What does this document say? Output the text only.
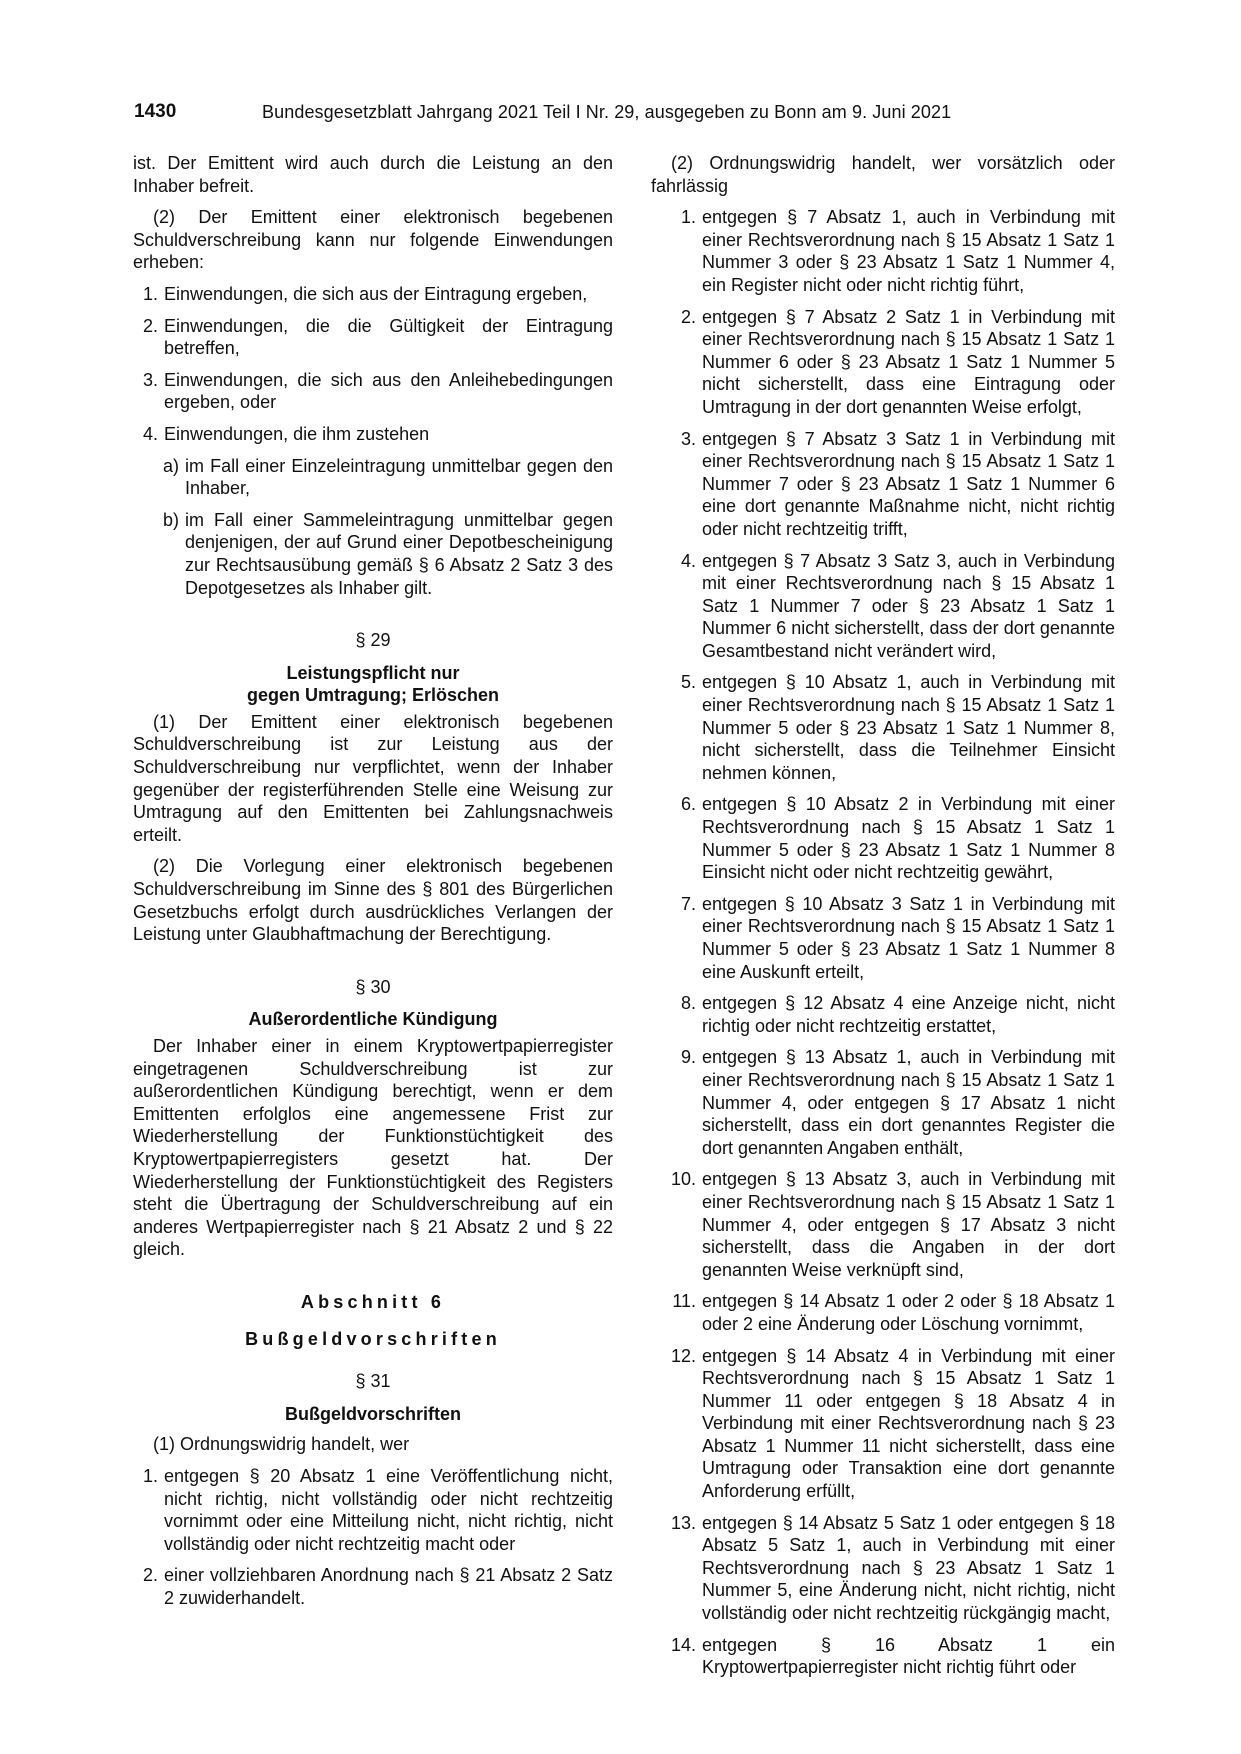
1430	Bundesgesetzblatt Jahrgang 2021 Teil I Nr. 29, ausgegeben zu Bonn am 9. Juni 2021

ist. Der Emittent wird auch durch die Leistung an den Inhaber befreit.

(2) Der Emittent einer elektronisch begebenen Schuldverschreibung kann nur folgende Einwendungen erheben:

1. Einwendungen, die sich aus der Eintragung ergeben,
2. Einwendungen, die die Gültigkeit der Eintragung betreffen,
3. Einwendungen, die sich aus den Anleihebedingungen ergeben, oder
4. Einwendungen, die ihm zustehen
a) im Fall einer Einzeleintragung unmittelbar gegen den Inhaber,
b) im Fall einer Sammeleintragung unmittelbar gegen denjenigen, der auf Grund einer Depotbescheinigung zur Rechtsausübung gemäß § 6 Absatz 2 Satz 3 des Depotgesetzes als Inhaber gilt.
§ 29
Leistungspflicht nur
gegen Umtragung; Erlöschen

(1) Der Emittent einer elektronisch begebenen Schuldverschreibung ist zur Leistung aus der Schuldverschreibung nur verpflichtet, wenn der Inhaber gegenüber der registerführenden Stelle eine Weisung zur Umtragung auf den Emittenten bei Zahlungsnachweis erteilt.

(2) Die Vorlegung einer elektronisch begebenen Schuldverschreibung im Sinne des § 801 des Bürgerlichen Gesetzbuchs erfolgt durch ausdrückliches Verlangen der Leistung unter Glaubhaftmachung der Berechtigung.

§ 30
Außerordentliche Kündigung

Der Inhaber einer in einem Kryptowertpapierregister eingetragenen Schuldverschreibung ist zur außerordentlichen Kündigung berechtigt, wenn er dem Emittenten erfolglos eine angemessene Frist zur Wiederherstellung der Funktionstüchtigkeit des Kryptowertpapierregisters gesetzt hat. Der Wiederherstellung der Funktionstüchtigkeit des Registers steht die Übertragung der Schuldverschreibung auf ein anderes Wertpapierregister nach § 21 Absatz 2 und § 22 gleich.

Abschnitt 6
Bußgeldvorschriften
§ 31
Bußgeldvorschriften

(1) Ordnungswidrig handelt, wer

1. entgegen § 20 Absatz 1 eine Veröffentlichung nicht, nicht richtig, nicht vollständig oder nicht rechtzeitig vornimmt oder eine Mitteilung nicht, nicht richtig, nicht vollständig oder nicht rechtzeitig macht oder
2. einer vollziehbaren Anordnung nach § 21 Absatz 2 Satz 2 zuwiderhandelt.

(2) Ordnungswidrig handelt, wer vorsätzlich oder fahrlässig

1. entgegen § 7 Absatz 1, auch in Verbindung mit einer Rechtsverordnung nach § 15 Absatz 1 Satz 1 Nummer 3 oder § 23 Absatz 1 Satz 1 Nummer 4, ein Register nicht oder nicht richtig führt,
2. entgegen § 7 Absatz 2 Satz 1 in Verbindung mit einer Rechtsverordnung nach § 15 Absatz 1 Satz 1 Nummer 6 oder § 23 Absatz 1 Satz 1 Nummer 5 nicht sicherstellt, dass eine Eintragung oder Umtragung in der dort genannten Weise erfolgt,
3. entgegen § 7 Absatz 3 Satz 1 in Verbindung mit einer Rechtsverordnung nach § 15 Absatz 1 Satz 1 Nummer 7 oder § 23 Absatz 1 Satz 1 Nummer 6 eine dort genannte Maßnahme nicht, nicht richtig oder nicht rechtzeitig trifft,
4. entgegen § 7 Absatz 3 Satz 3, auch in Verbindung mit einer Rechtsverordnung nach § 15 Absatz 1 Satz 1 Nummer 7 oder § 23 Absatz 1 Satz 1 Nummer 6 nicht sicherstellt, dass der dort genannte Gesamtbestand nicht verändert wird,
5. entgegen § 10 Absatz 1, auch in Verbindung mit einer Rechtsverordnung nach § 15 Absatz 1 Satz 1 Nummer 5 oder § 23 Absatz 1 Satz 1 Nummer 8, nicht sicherstellt, dass die Teilnehmer Einsicht nehmen können,
6. entgegen § 10 Absatz 2 in Verbindung mit einer Rechtsverordnung nach § 15 Absatz 1 Satz 1 Nummer 5 oder § 23 Absatz 1 Satz 1 Nummer 8 Einsicht nicht oder nicht rechtzeitig gewährt,
7. entgegen § 10 Absatz 3 Satz 1 in Verbindung mit einer Rechtsverordnung nach § 15 Absatz 1 Satz 1 Nummer 5 oder § 23 Absatz 1 Satz 1 Nummer 8 eine Auskunft erteilt,
8. entgegen § 12 Absatz 4 eine Anzeige nicht, nicht richtig oder nicht rechtzeitig erstattet,
9. entgegen § 13 Absatz 1, auch in Verbindung mit einer Rechtsverordnung nach § 15 Absatz 1 Satz 1 Nummer 4, oder entgegen § 17 Absatz 1 nicht sicherstellt, dass ein dort genanntes Register die dort genannten Angaben enthält,
10. entgegen § 13 Absatz 3, auch in Verbindung mit einer Rechtsverordnung nach § 15 Absatz 1 Satz 1 Nummer 4, oder entgegen § 17 Absatz 3 nicht sicherstellt, dass die Angaben in der dort genannten Weise verknüpft sind,
11. entgegen § 14 Absatz 1 oder 2 oder § 18 Absatz 1 oder 2 eine Änderung oder Löschung vornimmt,
12. entgegen § 14 Absatz 4 in Verbindung mit einer Rechtsverordnung nach § 15 Absatz 1 Satz 1 Nummer 11 oder entgegen § 18 Absatz 4 in Verbindung mit einer Rechtsverordnung nach § 23 Absatz 1 Nummer 11 nicht sicherstellt, dass eine Umtragung oder Transaktion eine dort genannte Anforderung erfüllt,
13. entgegen § 14 Absatz 5 Satz 1 oder entgegen § 18 Absatz 5 Satz 1, auch in Verbindung mit einer Rechtsverordnung nach § 23 Absatz 1 Satz 1 Nummer 5, eine Änderung nicht, nicht richtig, nicht vollständig oder nicht rechtzeitig rückgängig macht,
14. entgegen § 16 Absatz 1 ein Kryptowertpapierregister nicht richtig führt oder
